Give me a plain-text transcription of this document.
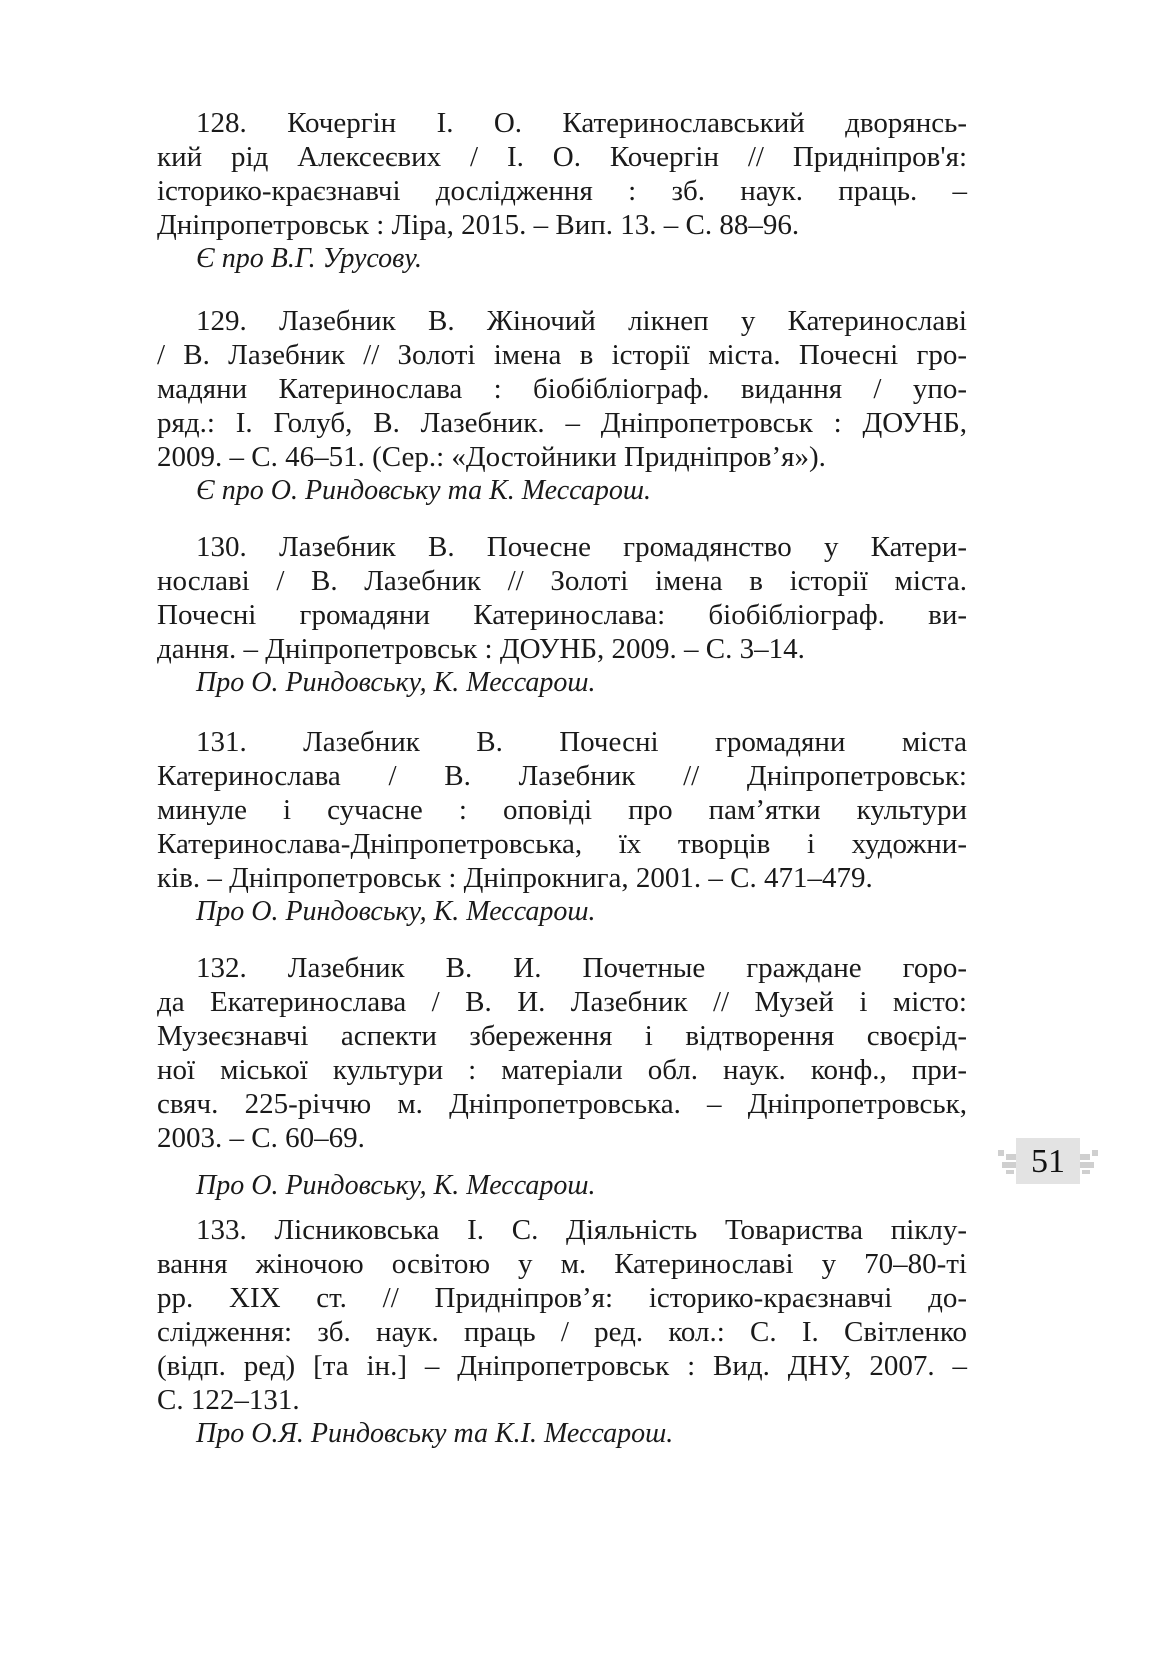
128. Кочергін І. О. Катеринославський дворянсь-
кий рід Алексеєвих / І. О. Кочергін // Придніпров'я:
історико-краєзнавчі дослідження : зб. наук. праць. –
Дніпропетровськ : Ліра, 2015. – Вип. 13. – С. 88–96.
Є про В.Г. Урусову.
129. Лазебник В. Жіночий лікнеп у Катеринославі
/ В. Лазебник // Золоті імена в історії міста. Почесні гро-
мадяни Катеринослава : біобібліограф. видання / упо-
ряд.: І. Голуб, В. Лазебник. – Дніпропетровськ : ДОУНБ,
2009. – С. 46–51. (Сер.: «Достойники Придніпров’я»).
Є про О. Риндовську та К. Мессарош.
130. Лазебник В. Почесне громадянство у Катери-
нославі / В. Лазебник // Золоті імена в історії міста.
Почесні громадяни Катеринослава: біобібліограф. ви-
дання. – Дніпропетровськ : ДОУНБ, 2009. – С. 3–14.
Про О. Риндовську, К. Мессарош.
131. Лазебник В. Почесні громадяни міста
Катеринослава / В. Лазебник // Дніпропетровськ:
минуле і сучасне : оповіді про пам’ятки культури
Катеринослава-Дніпропетровська, їх творців і художни-
ків. – Дніпропетровськ : Дніпрокнига, 2001. – С. 471–479.
Про О. Риндовську, К. Мессарош.
132. Лазебник В. И. Почетные граждане горо-
да Екатеринослава / В. И. Лазебник // Музей і місто:
Музеєзнавчі аспекти збереження і відтворення своєрід-
ної міської культури : матеріали обл. наук. конф., при-
свяч. 225-річчю м. Дніпропетровська. – Дніпропетровськ,
2003. – С. 60–69.
Про О. Риндовську, К. Мессарош.
133. Лісниковська І. С. Діяльність Товариства піклу-
вання жіночою освітою у м. Катеринославі у 70–80-ті
рр. ХІХ ст. // Придніпров’я: історико-краєзнавчі до-
слідження: зб. наук. праць / ред. кол.: С. І. Світленко
(відп. ред) [та ін.] – Дніпропетровськ : Вид. ДНУ, 2007. –
С. 122–131.
Про О.Я. Риндовську та К.І. Мессарош.
51
